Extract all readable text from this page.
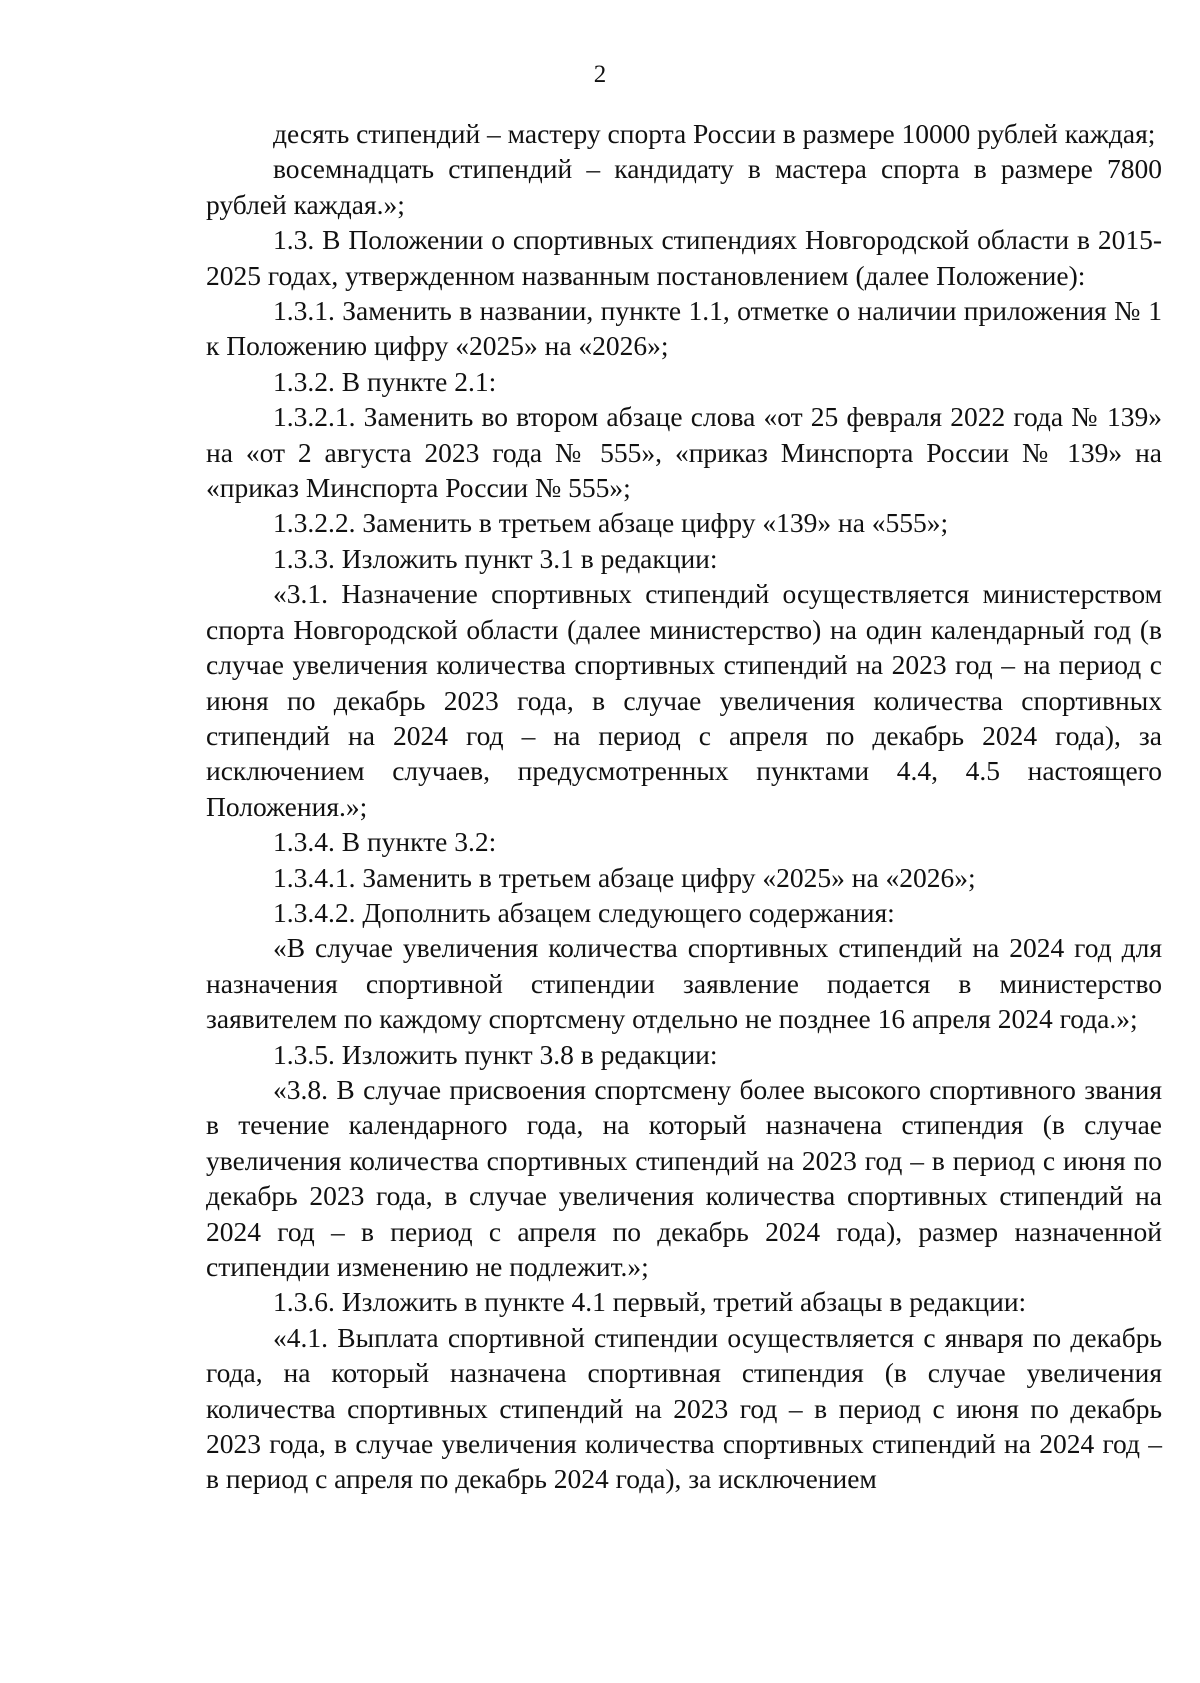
2

десять стипендий – мастеру спорта России в размере 10000 рублей каждая;

восемнадцать стипендий – кандидату в мастера спорта в размере 7800 рублей каждая.»;

1.3. В Положении о спортивных стипендиях Новгородской области в 2015-2025 годах, утвержденном названным постановлением (далее Положение):

1.3.1. Заменить в названии, пункте 1.1, отметке о наличии приложения № 1 к Положению цифру «2025» на «2026»;

1.3.2. В пункте 2.1:

1.3.2.1. Заменить во втором абзаце слова «от 25 февраля 2022 года № 139» на «от 2 августа 2023 года № 555», «приказ Минспорта России № 139» на «приказ Минспорта России № 555»;

1.3.2.2. Заменить в третьем абзаце цифру «139» на «555»;

1.3.3. Изложить пункт 3.1 в редакции:

«3.1. Назначение спортивных стипендий осуществляется министерством спорта Новгородской области (далее министерство) на один календарный год (в случае увеличения количества спортивных стипендий на 2023 год – на период с июня по декабрь 2023 года, в случае увеличения количества спортивных стипендий на 2024 год – на период с апреля по декабрь 2024 года), за исключением случаев, предусмотренных пунктами 4.4, 4.5 настоящего Положения.»;

1.3.4. В пункте 3.2:

1.3.4.1. Заменить в третьем абзаце цифру «2025» на «2026»;

1.3.4.2. Дополнить абзацем следующего содержания:

«В случае увеличения количества спортивных стипендий на 2024 год для назначения спортивной стипендии заявление подается в министерство заявителем по каждому спортсмену отдельно не позднее 16 апреля 2024 года.»;

1.3.5. Изложить пункт 3.8 в редакции:

«3.8. В случае присвоения спортсмену более высокого спортивного звания в течение календарного года, на который назначена стипендия (в случае увеличения количества спортивных стипендий на 2023 год – в период с июня по декабрь 2023 года, в случае увеличения количества спортивных стипендий на 2024 год – в период с апреля по декабрь 2024 года), размер назначенной стипендии изменению не подлежит.»;

1.3.6. Изложить в пункте 4.1 первый, третий абзацы в редакции:

«4.1. Выплата спортивной стипендии осуществляется с января по декабрь года, на который назначена спортивная стипендия (в случае увеличения количества спортивных стипендий на 2023 год – в период с июня по декабрь 2023 года, в случае увеличения количества спортивных стипендий на 2024 год – в период с апреля по декабрь 2024 года), за исключением
